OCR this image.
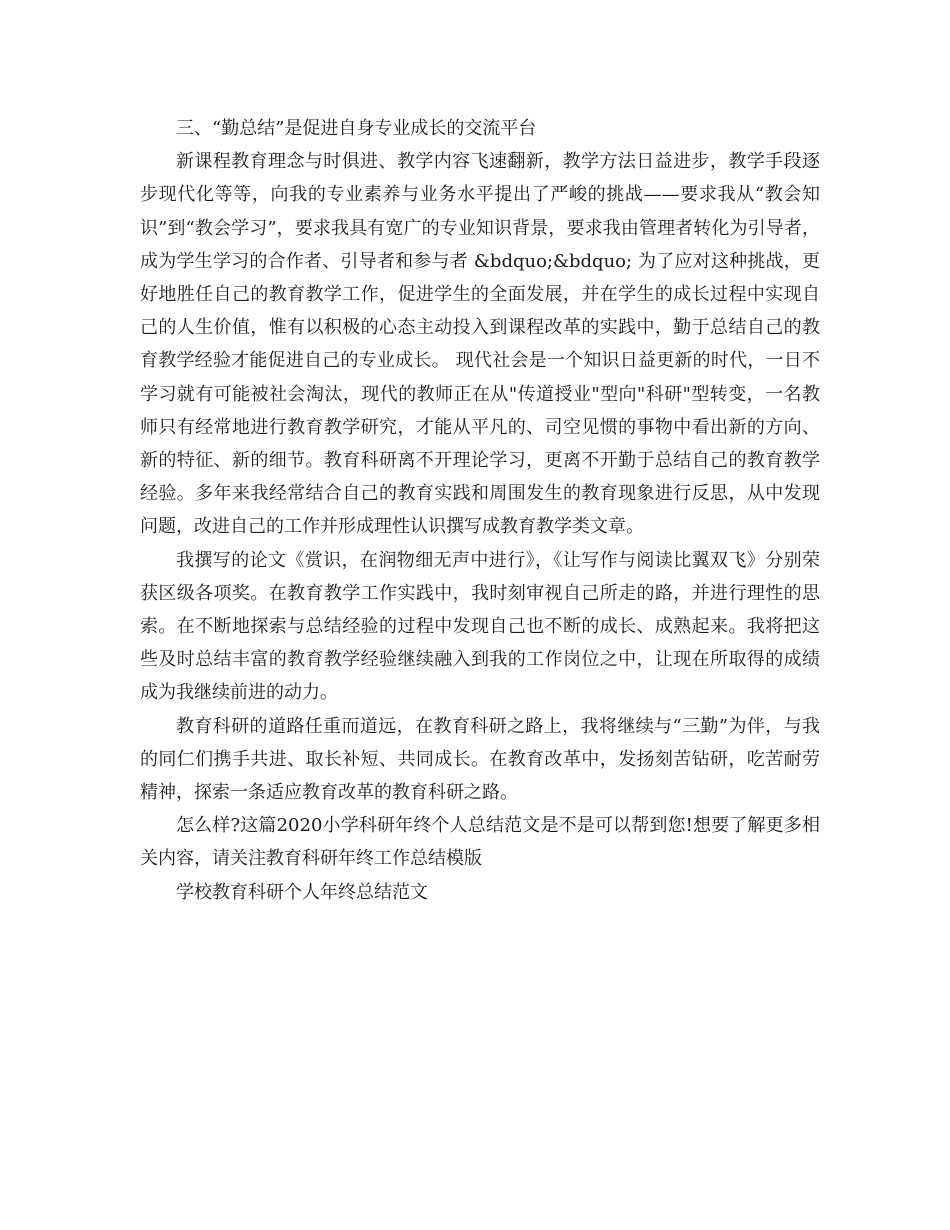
三、“勤总结”是促进自身专业成长的交流平台

新课程教育理念与时俱进、教学内容飞速翻新，教学方法日益进步，教学手段逐步现代化等等，向我的专业素养与业务水平提出了严峻的挑战——要求我从“教会知识”到“教会学习”，要求我具有宽广的专业知识背景，要求我由管理者转化为引导者，成为学生学习的合作者、引导者和参与者 &bdquo;&bdquo; 为了应对这种挑战，更好地胜任自己的教育教学工作，促进学生的全面发展，并在学生的成长过程中实现自己的人生价值，惟有以积极的心态主动投入到课程改革的实践中，勤于总结自己的教育教学经验才能促进自己的专业成长。 现代社会是一个知识日益更新的时代，一日不学习就有可能被社会淘汰，现代的教师正在从"传道授业"型向"科研"型转变，一名教师只有经常地进行教育教学研究，才能从平凡的、司空见惯的事物中看出新的方向、新的特征、新的细节。教育科研离不开理论学习，更离不开勤于总结自己的教育教学经验。多年来我经常结合自己的教育实践和周围发生的教育现象进行反思，从中发现问题，改进自己的工作并形成理性认识撰写成教育教学类文章。

我撰写的论文《赏识，在润物细无声中进行》，《让写作与阅读比翼双飞》分别荣获区级各项奖。在教育教学工作实践中，我时刻审视自己所走的路，并进行理性的思索。在不断地探索与总结经验的过程中发现自己也不断的成长、成熟起来。我将把这些及时总结丰富的教育教学经验继续融入到我的工作岗位之中，让现在所取得的成绩成为我继续前进的动力。

教育科研的道路任重而道远，在教育科研之路上，我将继续与“三勤”为伴，与我的同仁们携手共进、取长补短、共同成长。在教育改革中，发扬刻苦钻研，吃苦耐劳精神，探索一条适应教育改革的教育科研之路。

怎么样?这篇2020小学科研年终个人总结范文是不是可以帮到您!想要了解更多相关内容，请关注教育科研年终工作总结模版

学校教育科研个人年终总结范文
